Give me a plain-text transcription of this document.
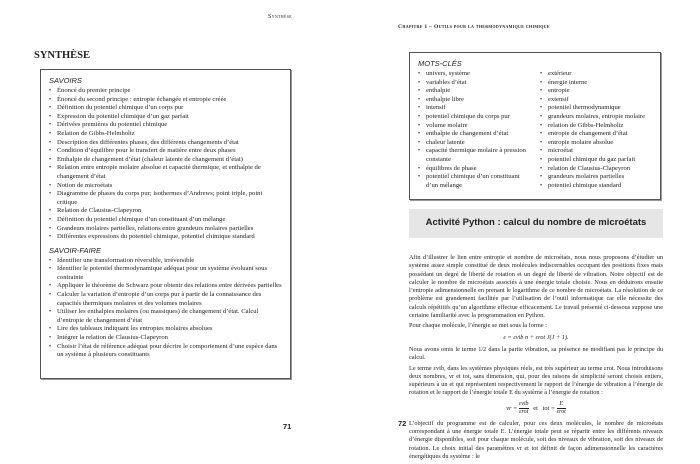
Synthèse
SYNTHÈSE
SAVOIRS
• Énoncé du premier principe
• Énoncé du second principe : entropie échangée et entropie créée
• Définition du potentiel chimique d’un corps pur
• Expression du potentiel chimique d’un gaz parfait
• Dérivées premières du potentiel chimique
• Relation de Gibbs-Helmholtz
• Description des différentes phases, des différents changements d’état
• Condition d’équilibre pour le transfert de matière entre deux phases
• Enthalpie de changement d’état (chaleur latente de changement d’état)
• Relation entre entropie molaire absolue et capacité thermique, et enthalpie de changement d’état
• Notion de microétats
• Diagramme de phases du corps pur; isothermes d’Andrews; point triple, point critique
• Relation de Clausius-Clapeyron
• Définition du potentiel chimique d’un constituant d’un mélange
• Grandeurs molaires partielles, relations entre grandeurs molaires partielles
• Différentes expressions du potentiel chimique, potentiel chimique standard
SAVOIR-FAIRE
• Identifier une transformation réversible, irréversible
• Identifier le potentiel thermodynamique adéquat pour un système évoluant sous contrainte
• Appliquer le théorème de Schwarz pour obtenir des relations entre dérivées partielles
• Calculer la variation d’entropie d’un corps pur à partir de la connaissance des capacités thermiques molaires et des volumes molaires
• Utiliser les enthalpies molaires (ou massiques) de changement d’état. Calcul d’entropie de changement d’état
• Lire des tableaux indiquant les entropies molaires absolues
• Intégrer la relation de Clausius-Clapeyron
• Choisir l’état de référence adéquat pour décrire le comportement d’une espèce dans un système à plusieurs constituants
71
Chapitre 1 – Outils pour la thermodynamique chimique
MOTS-CLÉS
• univers, système
• variables d’état
• enthalpie
• enthalpie libre
• intensif
• potentiel chimique du corps pur
• volume molaire
• enthalpie de changement d’état
• chaleur latente
• capacité thermique molaire à pression constante
• équilibres de phase
• potentiel chimique d’un constituant d’un mélange
• extérieur
• énergie interne
• entropie
• extensif
• potentiel thermodynamique
• grandeurs molaires, entropie molaire
• relation de Gibbs-Helmholtz
• entropie de changement d’état
• entropie molaire absolue
• microétat
• potentiel chimique du gaz parfait
• relation de Clausius-Clapeyron
• grandeurs molaires partielles
• potentiel chimique standard
Activité Python : calcul du nombre de microétats

Afin d’illustrer le lien entre entropie et nombre de microétats, nous nous proposons d’étudier un système assez simple constitué de deux molécules indiscernables occupant des positions fixes mais possédant un degré de liberté de rotation et un degré de liberté de vibration. Notre objectif est de calculer le nombre de microétats associés à une énergie totale choisie. Nous en déduirons ensuite l’entropie adimensionnelle en prenant le logarithme de ce nombre de microétats. La résolution de ce problème est grandement facilitée par l’utilisation de l’outil informatique car elle nécessite des calculs répétitifs qu’un algorithme effectue efficacement. Le travail présenté ci-dessous suppose une certaine familiarité avec la programmation en Python.

Pour chaque molécule, l’énergie se met sous la forme :

ε = εvib n + εrot J(J + 1).

Nous avons omis le terme 1/2 dans la partie vibration, sa présence ne modifiant pas le principe du calcul.

Le terme εvib, dans les systèmes physiques réels, est très supérieur au terme εrot. Nous introduisons deux nombres, vr et tot, sans dimension, qui, pour des raisons de simplicité seront choisis entiers, supérieurs à un et qui représentent respectivement le rapport de l’énergie de vibration à l’énergie de rotation et le rapport de l’énergie totale E du système à l’énergie de rotation :

vr = $\frac{\text{εvib}}{\text{εrot}}$ et tot = $\frac{E}{\text{εrot}}$

L’objectif du programme est de calculer, pour ces deux molécules, le nombre de microétats correspondant à une énergie totale E. L’énergie totale peut se répartir entre les différents niveaux d’énergie disponibles, soit pour chaque molécule, soit des niveaux de vibration, soit des niveaux de rotation. Le choix initial des paramètres vr et tot définit de façon adimensionnelle les caractères énergétiques du système : le

72
